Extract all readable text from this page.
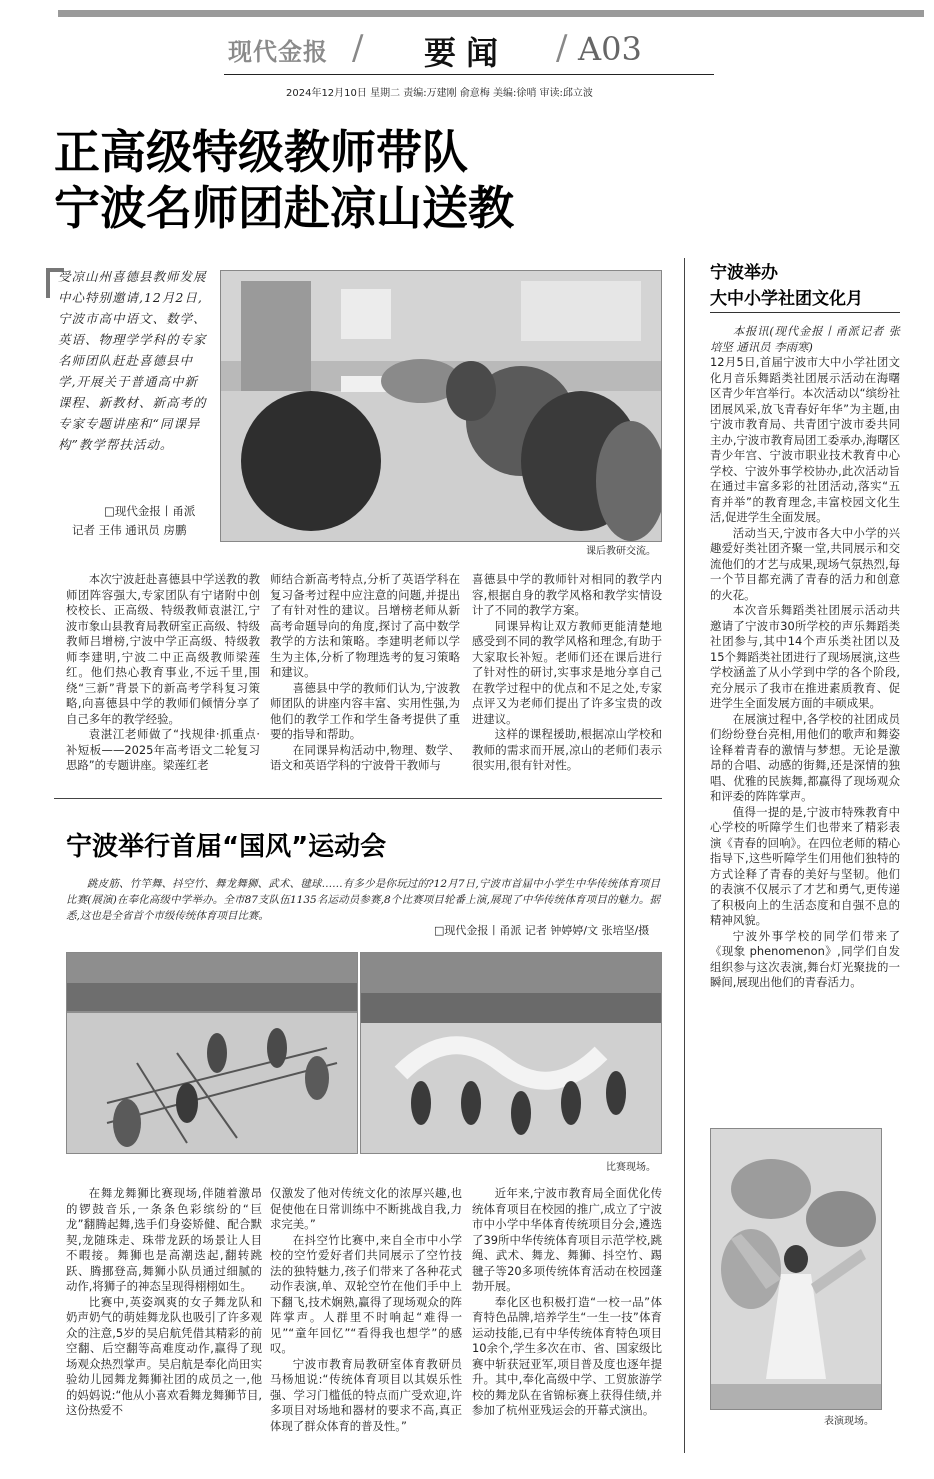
现代金报 / 要闻 / A03
2024年12月10日 星期二 责编:万建刚 俞意梅 美编:徐哨 审读:邱立波
正高级特级教师带队
宁波名师团赴凉山送教
受凉山州喜德县教师发展中心特别邀请,12月2日,宁波市高中语文、数学、英语、物理学学科的专家名师团队赶赴喜德县中学,开展关于普通高中新课程、新教材、新高考的专家专题讲座和“同课异构”教学帮扶活动。
□现代金报丨甬派
记者 王伟 通讯员 房鹏
课后教研交流。

本次宁波赶赴喜德县中学送教的教师团阵容强大,专家团队有宁诸附中创校校长、正高级、特级教师袁湛江,宁波市象山县教育局教研室正高级、特级教师吕增榜,宁波中学正高级、特级教师李建明,宁波二中正高级教师梁莲红。他们热心教育事业,不远千里,围绕“三新”背景下的新高考学科复习策略,向喜德县中学的教师们倾情分享了自己多年的教学经验。

袁湛江老师做了“找规律·抓重点·补短板——2025年高考语文二轮复习思路”的专题讲座。梁莲红老

师结合新高考特点,分析了英语学科在复习备考过程中应注意的问题,并提出了有针对性的建议。吕增榜老师从新高考命题导向的角度,探讨了高中数学教学的方法和策略。李建明老师以学生为主体,分析了物理选考的复习策略和建议。

喜德县中学的教师们认为,宁波教师团队的讲座内容丰富、实用性强,为他们的教学工作和学生备考提供了重要的指导和帮助。

在同课异构活动中,物理、数学、语文和英语学科的宁波骨干教师与

喜德县中学的教师针对相同的教学内容,根据自身的教学风格和教学实情设计了不同的教学方案。

同课异构让双方教师更能清楚地感受到不同的教学风格和理念,有助于大家取长补短。老师们还在课后进行了针对性的研讨,实事求是地分享自己在教学过程中的优点和不足之处,专家点评又为老师们提出了许多宝贵的改进建议。

这样的课程援助,根据凉山学校和教师的需求而开展,凉山的老师们表示很实用,很有针对性。

宁波举办
大中小学社团文化月

本报讯(现代金报丨甬派记者 张培坚 通讯员 李雨寒)

12月5日,首届宁波市大中小学社团文化月音乐舞蹈类社团展示活动在海曙区青少年宫举行。本次活动以“缤纷社团展风采,放飞青春好年华”为主题,由宁波市教育局、共青团宁波市委共同主办,宁波市教育局团工委承办,海曙区青少年宫、宁波市职业技术教育中心学校、宁波外事学校协办,此次活动旨在通过丰富多彩的社团活动,落实“五育并举”的教育理念,丰富校园文化生活,促进学生全面发展。

活动当天,宁波市各大中小学的兴趣爱好类社团齐聚一堂,共同展示和交流他们的才艺与成果,现场气氛热烈,每一个节目都充满了青春的活力和创意的火花。

本次音乐舞蹈类社团展示活动共邀请了宁波市30所学校的声乐舞蹈类社团参与,其中14个声乐类社团以及15个舞蹈类社团进行了现场展演,这些学校涵盖了从小学到中学的各个阶段,充分展示了我市在推进素质教育、促进学生全面发展方面的丰硕成果。

在展演过程中,各学校的社团成员们纷纷登台亮相,用他们的歌声和舞姿诠释着青春的激情与梦想。无论是激昂的合唱、动感的街舞,还是深情的独唱、优雅的民族舞,都赢得了现场观众和评委的阵阵掌声。

值得一提的是,宁波市特殊教育中心学校的听障学生们也带来了精彩表演《青春的回响》。在四位老师的精心指导下,这些听障学生们用他们独特的方式诠释了青春的美好与坚韧。他们的表演不仅展示了才艺和勇气,更传递了积极向上的生活态度和自强不息的精神风貌。

宁波外事学校的同学们带来了《现象 phenomenon》,同学们自发组织参与这次表演,舞台灯光聚拢的一瞬间,展现出他们的青春活力。

表演现场。
宁波举行首届“国风”运动会
跳皮筋、竹竿舞、抖空竹、舞龙舞狮、武术、毽球……有多少是你玩过的?12月7日,宁波市首届中小学生中华传统体育项目比赛(展演)在奉化高级中学举办。全市87支队伍1135名运动员参赛,8个比赛项目轮番上演,展现了中华传统体育项目的魅力。据悉,这也是全省首个市级传统体育项目比赛。
□现代金报丨甬派 记者 钟婷婷/文 张培坚/摄
比赛现场。

在舞龙舞狮比赛现场,伴随着激昂的锣鼓音乐,一条条色彩缤纷的“巨龙”翻腾起舞,选手们身姿矫健、配合默契,龙随珠走、珠带龙跃的场景让人目不暇接。舞狮也是高潮迭起,翻转跳跃、腾挪登高,舞狮小队员通过细腻的动作,将狮子的神态呈现得栩栩如生。

比赛中,英姿飒爽的女子舞龙队和奶声奶气的萌娃舞龙队也吸引了许多观众的注意,5岁的吴启航凭借其精彩的前空翻、后空翻等高难度动作,赢得了现场观众热烈掌声。吴启航是奉化尚田实验幼儿园舞龙舞狮社团的成员之一,他的妈妈说:“他从小喜欢看舞龙舞狮节目,这份热爱不

仅激发了他对传统文化的浓厚兴趣,也促使他在日常训练中不断挑战自我,力求完美。”

在抖空竹比赛中,来自全市中小学校的空竹爱好者们共同展示了空竹技法的独特魅力,孩子们带来了各种花式动作表演,单、双轮空竹在他们手中上下翻飞,技术娴熟,赢得了现场观众的阵阵掌声。人群里不时响起“难得一见”“童年回忆”“看得我也想学”的感叹。

宁波市教育局教研室体育教研员马杨旭说:“传统体育项目以其娱乐性强、学习门槛低的特点而广受欢迎,许多项目对场地和器材的要求不高,真正体现了群众体育的普及性。”

近年来,宁波市教育局全面优化传统体育项目在校园的推广,成立了宁波市中小学中华体育传统项目分会,遴选了39所中华传统体育项目示范学校,跳绳、武术、舞龙、舞狮、抖空竹、踢毽子等20多项传统体育活动在校园蓬勃开展。

奉化区也积极打造“一校一品”体育特色品牌,培养学生“一生一技”体育运动技能,已有中华传统体育特色项目10余个,学生多次在市、省、国家级比赛中斩获冠亚军,项目普及度也逐年提升。其中,奉化高级中学、工贸旅游学校的舞龙队在省锦标赛上获得佳绩,并参加了杭州亚残运会的开幕式演出。
